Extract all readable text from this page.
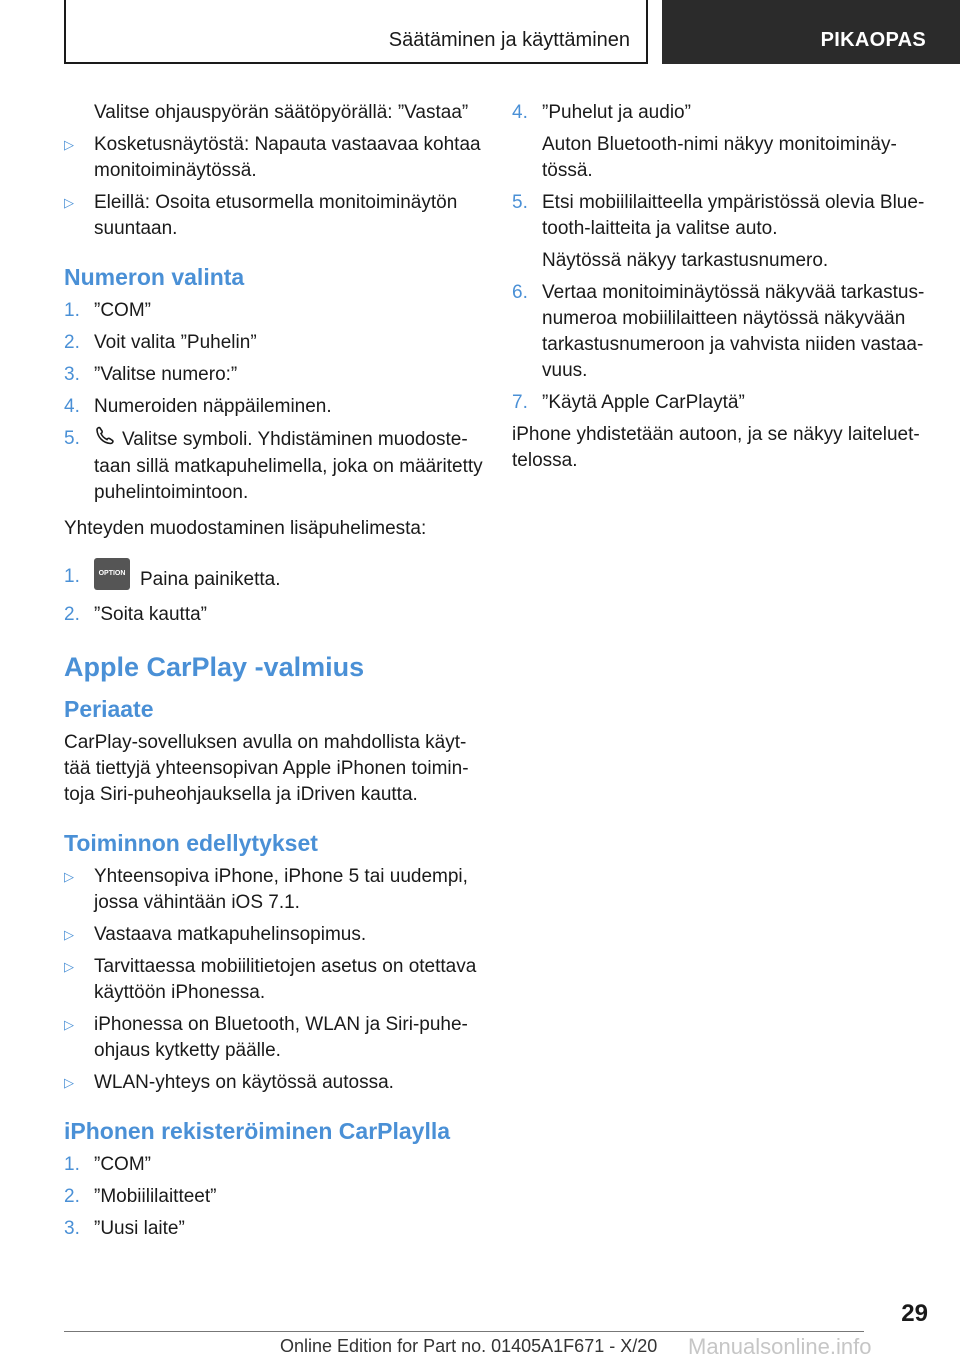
Säätäminen ja käyttäminen	PIKAOPAS
Valitse ohjauspyörän säätöpyörällä: ”Vastaa”
▷ Kosketusnäytöstä: Napauta vastaavaa kohtaa monitoiminäytössä.
▷ Eleillä: Osoita etusormella monitoiminäytön suuntaan.
Numeron valinta
1. ”COM”
2. Voit valita ”Puhelin”
3. ”Valitse numero:”
4. Numeroiden näppäileminen.
5. Valitse symboli. Yhdistäminen muodostetaan sillä matkapuhelimella, joka on määritetty puhelintoimintoon.
Yhteyden muodostaminen lisäpuhelimesta:
1.	OPTION Paina painiketta.
2. ”Soita kautta”
Apple CarPlay -valmius
Periaate
CarPlay-sovelluksen avulla on mahdollista käyttää tiettyjä yhteensopivan Apple iPhonen toimintoja Siri-puheohjauksella ja iDriven kautta.
Toiminnon edellytykset
▷ Yhteensopiva iPhone, iPhone 5 tai uudempi, jossa vähintään iOS 7.1.
▷ Vastaava matkapuhelinsopimus.
▷ Tarvittaessa mobiilitietojen asetus on otettava käyttöön iPhonessa.
▷ iPhonessa on Bluetooth, WLAN ja Siri-puheohjaus kytketty päälle.
▷ WLAN-yhteys on käytössä autossa.
iPhonen rekisteröiminen CarPlaylla
1. ”COM”
2. ”Mobiililaitteet”
3. ”Uusi laite”
4. ”Puhelut ja audio”
Auton Bluetooth-nimi näkyy monitoiminäytössä.
5. Etsi mobiililaitteella ympäristössä olevia Bluetooth-laitteita ja valitse auto.
Näytössä näkyy tarkastusnumero.
6. Vertaa monitoiminäytössä näkyvää tarkastusnumeroa mobiililaitteen näytössä näkyvään tarkastusnumeroon ja vahvista niiden vastaavuus.
7. ”Käytä Apple CarPlaytä”
iPhone yhdistetään autoon, ja se näkyy laiteluettelossa.
29
Online Edition for Part no. 01405A1F671 - X/20 Manualsonline.info
